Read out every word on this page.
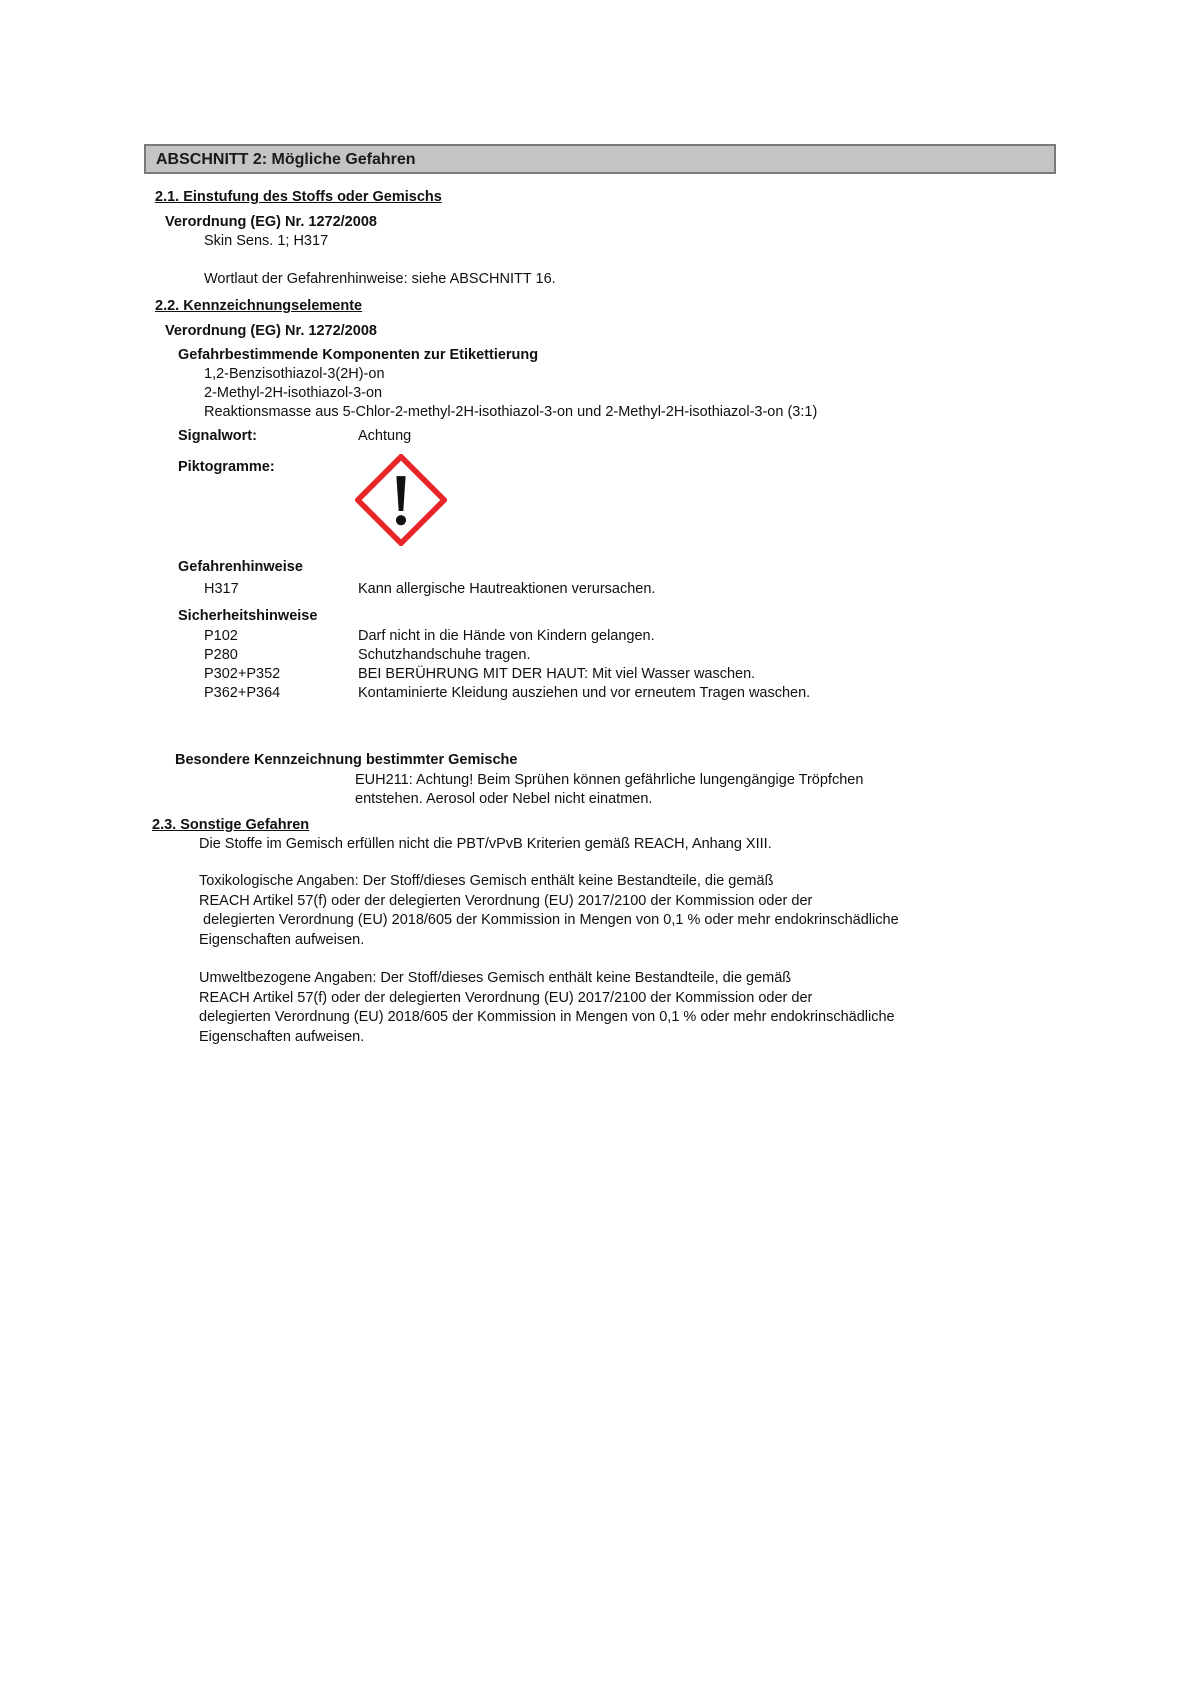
ABSCHNITT 2: Mögliche Gefahren
2.1. Einstufung des Stoffs oder Gemischs
Verordnung (EG) Nr. 1272/2008
Skin Sens. 1; H317
Wortlaut der Gefahrenhinweise: siehe ABSCHNITT 16.
2.2. Kennzeichnungselemente
Verordnung (EG) Nr. 1272/2008
Gefahrbestimmende Komponenten zur Etikettierung
1,2-Benzisothiazol-3(2H)-on
2-Methyl-2H-isothiazol-3-on
Reaktionsmasse aus 5-Chlor-2-methyl-2H-isothiazol-3-on und 2-Methyl-2H-isothiazol-3-on (3:1)
Signalwort:	Achtung
Piktogramme:
Gefahrenhinweise
H317	Kann allergische Hautreaktionen verursachen.
Sicherheitshinweise
P102	Darf nicht in die Hände von Kindern gelangen.
P280	Schutzhandschuhe tragen.
P302+P352	BEI BERÜHRUNG MIT DER HAUT: Mit viel Wasser waschen.
P362+P364	Kontaminierte Kleidung ausziehen und vor erneutem Tragen waschen.
Besondere Kennzeichnung bestimmter Gemische
EUH211: Achtung! Beim Sprühen können gefährliche lungengängige Tröpfchen
entstehen. Aerosol oder Nebel nicht einatmen.
2.3. Sonstige Gefahren
Die Stoffe im Gemisch erfüllen nicht die PBT/vPvB Kriterien gemäß REACH, Anhang XIII.
Toxikologische Angaben: Der Stoff/dieses Gemisch enthält keine Bestandteile, die gemäß
REACH Artikel 57(f) oder der delegierten Verordnung (EU) 2017/2100 der Kommission oder der
delegierten Verordnung (EU) 2018/605 der Kommission in Mengen von 0,1 % oder mehr endokrinschädliche
Eigenschaften aufweisen.
Umweltbezogene Angaben: Der Stoff/dieses Gemisch enthält keine Bestandteile, die gemäß
REACH Artikel 57(f) oder der delegierten Verordnung (EU) 2017/2100 der Kommission oder der
delegierten Verordnung (EU) 2018/605 der Kommission in Mengen von 0,1 % oder mehr endokrinschädliche
Eigenschaften aufweisen.
